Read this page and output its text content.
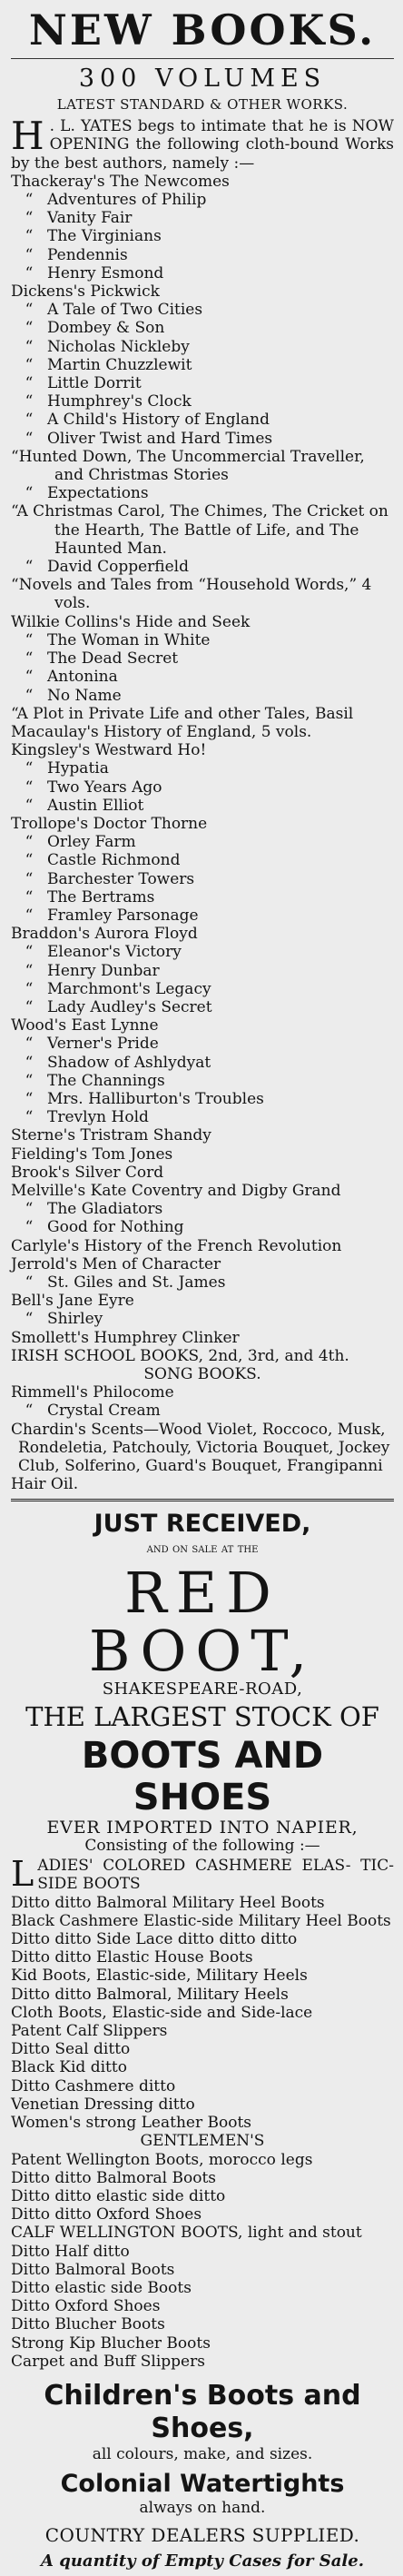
NEW BOOKS.
300 VOLUMES
LATEST STANDARD & OTHER WORKS.
H . L. YATES begs to intimate that he is NOW OPENING the following cloth-bound Works by the best authors, namely :—
Thackeray's The Newcomes
“ Adventures of Philip
“ Vanity Fair
“ The Virginians
“ Pendennis
“ Henry Esmond
Dickens's Pickwick
“ A Tale of Two Cities
“ Dombey & Son
“ Nicholas Nickleby
“ Martin Chuzzlewit
“ Little Dorrit
“ Humphrey's Clock
“ A Child's History of England
“ Oliver Twist and Hard Times
“Hunted Down, The Uncommercial Traveller, and Christmas Stories
“ Expectations
“A Christmas Carol, The Chimes, The Cricket on the Hearth, The Battle of Life, and The Haunted Man.
“ David Copperfield
“Novels and Tales from “Household Words,” 4 vols.
Wilkie Collins's Hide and Seek
“ The Woman in White
“ The Dead Secret
“ Antonina
“ No Name
“A Plot in Private Life and other Tales, Basil
Macaulay's History of England, 5 vols.
Kingsley's Westward Ho!
“ Hypatia
“ Two Years Ago
“ Austin Elliot
Trollope's Doctor Thorne
“ Orley Farm
“ Castle Richmond
“ Barchester Towers
“ The Bertrams
“ Framley Parsonage
Braddon's Aurora Floyd
“ Eleanor's Victory
“ Henry Dunbar
“ Marchmont's Legacy
“ Lady Audley's Secret
Wood's East Lynne
“ Verner's Pride
“ Shadow of Ashlydyat
“ The Channings
“ Mrs. Halliburton's Troubles
“ Trevlyn Hold
Sterne's Tristram Shandy
Fielding's Tom Jones
Brook's Silver Cord
Melville's Kate Coventry and Digby Grand
“ The Gladiators
“ Good for Nothing
Carlyle's History of the French Revolution
Jerrold's Men of Character
“ St. Giles and St. James
Bell's Jane Eyre
“ Shirley
Smollett's Humphrey Clinker
IRISH SCHOOL BOOKS, 2nd, 3rd, and 4th.
SONG BOOKS.
Rimmell's Philocome
“ Crystal Cream
Chardin's Scents—Wood Violet, Roccoco, Musk, Rondeletia, Patchouly, Victoria Bouquet, Jockey Club, Solferino, Guard's Bouquet, Frangipanni
Hair Oil.
JUST RECEIVED,
and on sale at the
RED BOOT,
SHAKESPEARE-ROAD,
THE LARGEST STOCK OF
BOOTS AND SHOES
EVER IMPORTED INTO NAPIER,
Consisting of the following :—
LADIES' COLORED CASHMERE ELAS- TIC-SIDE BOOTS
Ditto ditto Balmoral Military Heel Boots
Black Cashmere Elastic-side Military Heel Boots
Ditto ditto Side Lace ditto ditto ditto
Ditto ditto Elastic House Boots
Kid Boots, Elastic-side, Military Heels
Ditto ditto Balmoral, Military Heels
Cloth Boots, Elastic-side and Side-lace
Patent Calf Slippers
Ditto Seal ditto
Black Kid ditto
Ditto Cashmere ditto
Venetian Dressing ditto
Women's strong Leather Boots
GENTLEMEN'S
Patent Wellington Boots, morocco legs
Ditto ditto Balmoral Boots
Ditto ditto elastic side ditto
Ditto ditto Oxford Shoes
CALF WELLINGTON BOOTS, light and stout
Ditto Half ditto
Ditto Balmoral Boots
Ditto elastic side Boots
Ditto Oxford Shoes
Ditto Blucher Boots
Strong Kip Blucher Boots
Carpet and Buff Slippers
Children's Boots and Shoes,
all colours, make, and sizes.
Colonial Watertights
always on hand.
COUNTRY DEALERS SUPPLIED.
A quantity of Empty Cases for Sale.
